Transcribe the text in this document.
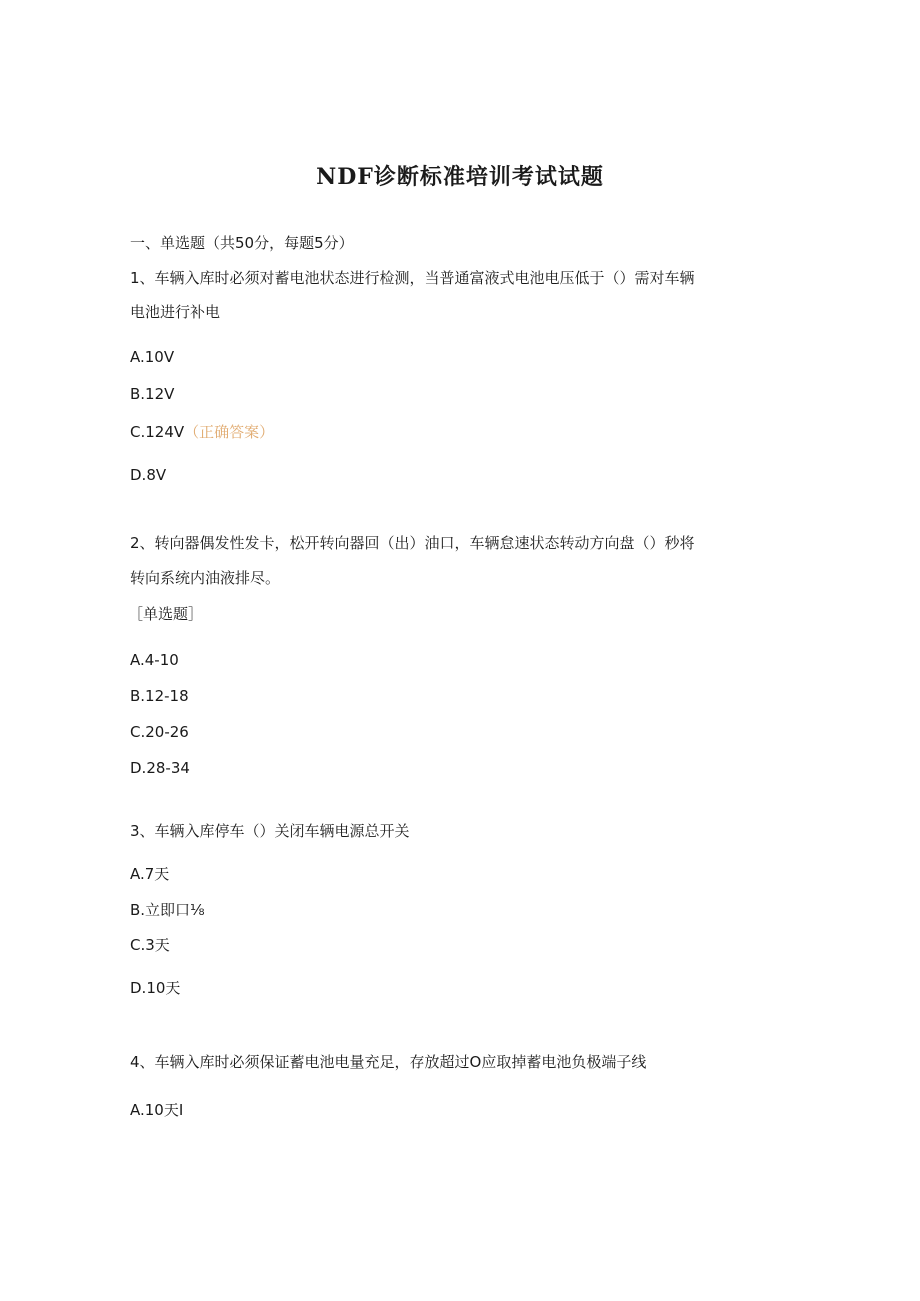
NDF诊断标准培训考试试题
一、单选题（共50分，每题5分）
1、车辆入库时必须对蓄电池状态进行检测，当普通富液式电池电压低于（）需对车辆
电池进行补电
A.10V
B.12V
C.124V（正确答案）
D.8V
2、转向器偶发性发卡，松开转向器回（出）油口，车辆怠速状态转动方向盘（）秒将
转向系统内油液排尽。
［单选题］
A.4-10
B.12-18
C.20-26
D.28-34
3、车辆入库停车（）关闭车辆电源总开关
A.7天
B.立即口⅛
C.3天
D.10天
4、车辆入库时必须保证蓄电池电量充足，存放超过O应取掉蓄电池负极端子线
A.10天I
